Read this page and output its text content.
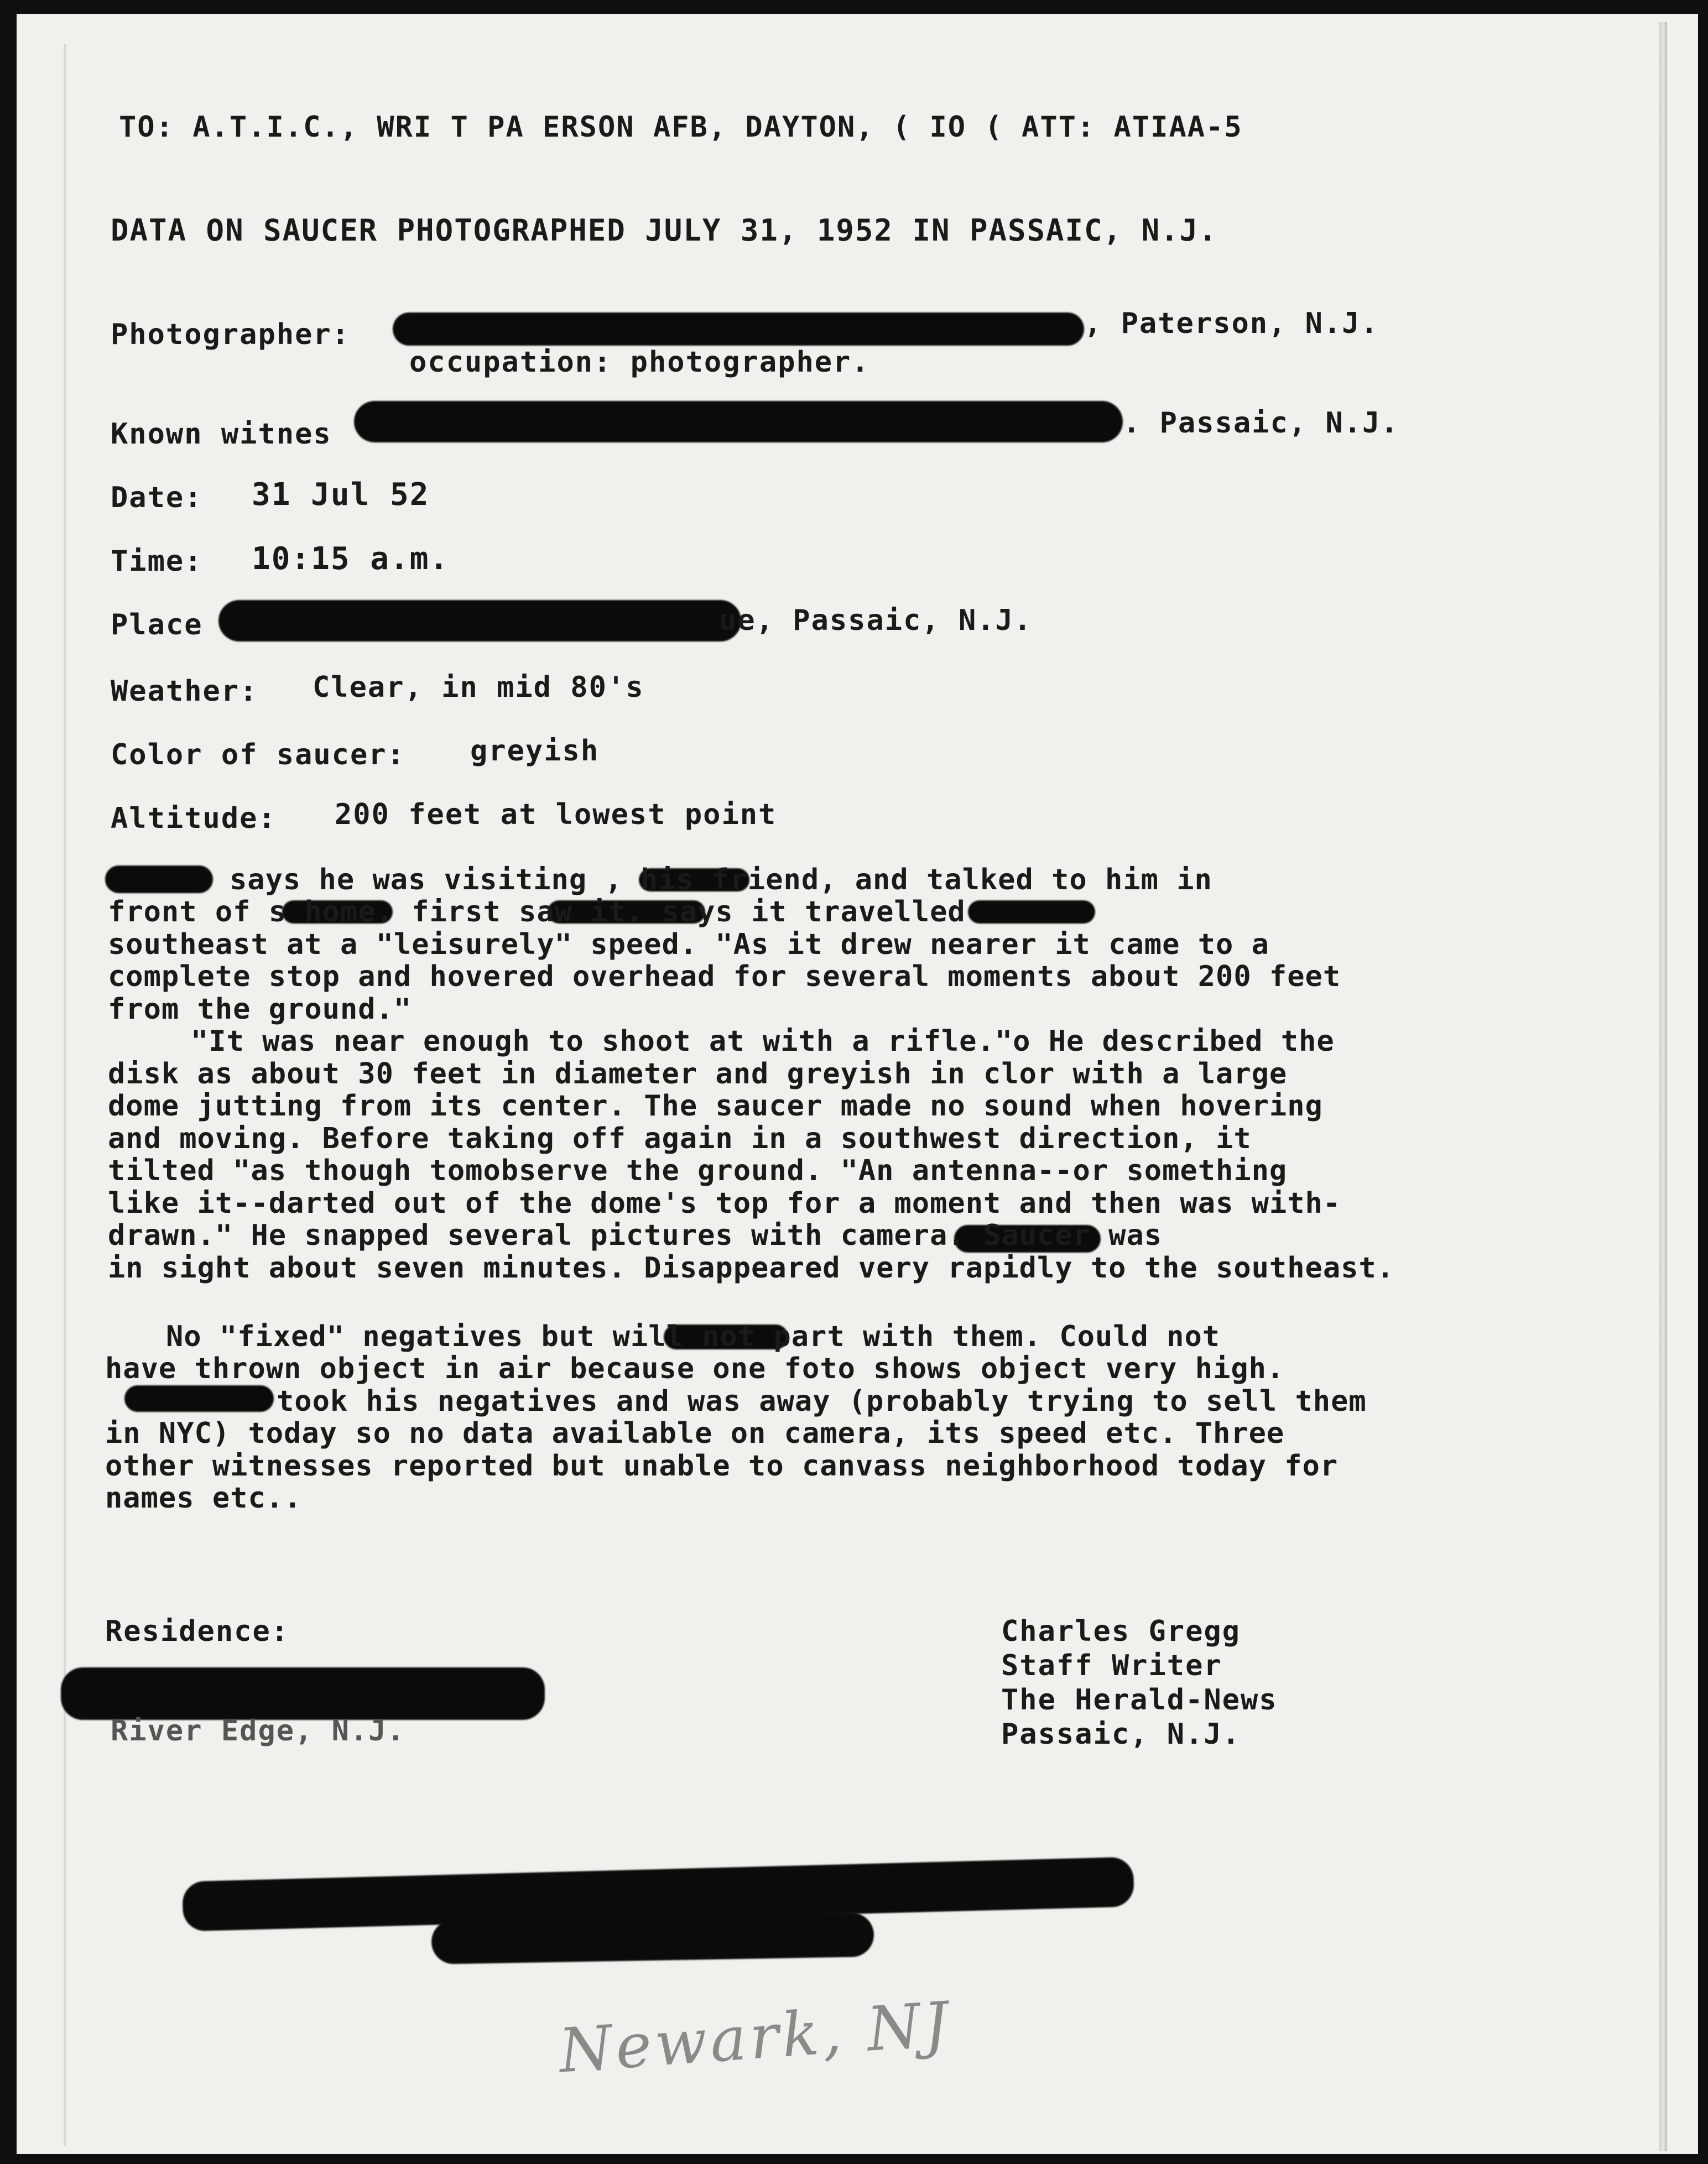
TO: A.T.I.C., WRI T PA ERSON AFB, DAYTON, ( IO ( ATT: ATIAA-5
DATA ON SAUCER PHOTOGRAPHED JULY 31, 1952 IN PASSAIC, N.J.
Photographer:	, Paterson, N.J.
occupation: photographer.
Known witnes	. Passaic, N.J.
Date: 31 Jul 52
Time: 10:15 a.m.
Place	ue, Passaic, N.J.
Weather: Clear, in mid 80's
Color of saucer: greyish
Altitude: 200 feet at lowest point
says he was visiting , his friend, and talked to him in
front of s home. first saw it. says it travelled
southeast at a "leisurely" speed. "As it drew nearer it came to a
complete stop and hovered overhead for several moments about 200 feet
from the ground."
"It was near enough to shoot at with a rifle."o He described the
disk as about 30 feet in diameter and greyish in clor with a large
dome jutting from its center. The saucer made no sound when hovering
and moving. Before taking off again in a southwest direction, it
tilted "as though tomobserve the ground. "An antenna--or something
like it--darted out of the dome's top for a moment and then was with-
drawn." He snapped several pictures with camera. Saucer was
in sight about seven minutes. Disappeared very rapidly to the southeast.
No "fixed" negatives but will not part with them. Could not
have thrown object in air because one foto shows object very high.
took his negatives and was away (probably trying to sell them
in NYC) today so no data available on camera, its speed etc. Three
other witnesses reported but unable to canvass neighborhood today for
names etc..
Residence:
River Edge, N.J.
Charles Gregg
Staff Writer
The Herald-News
Passaic, N.J.
Newark, NJ
